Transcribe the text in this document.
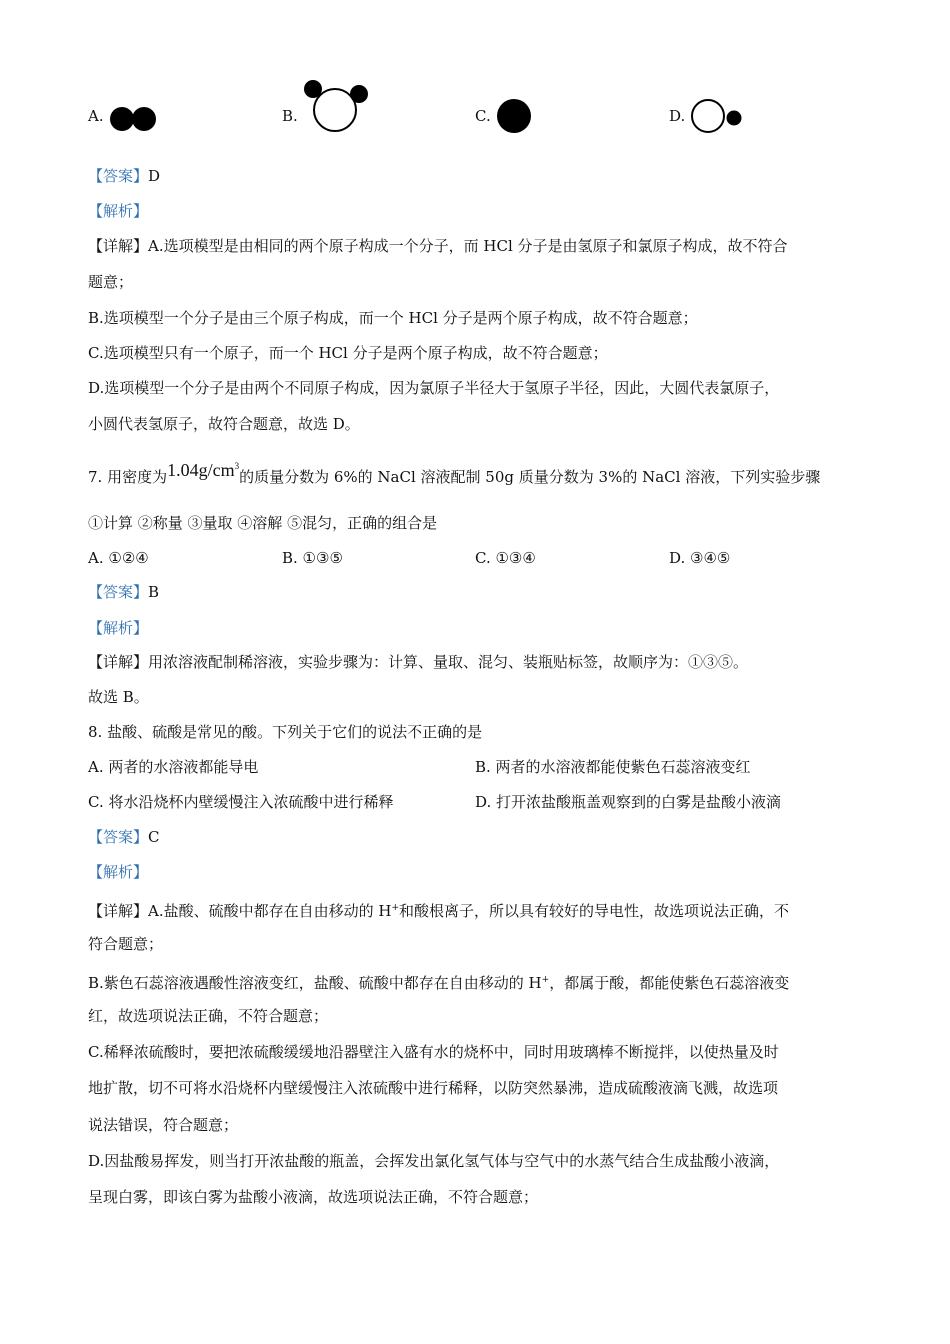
A.	B.	C.	D.
【答案】D
【解析】
【详解】A.选项模型是由相同的两个原子构成一个分子，而 HCl 分子是由氢原子和氯原子构成，故不符合
题意；
B.选项模型一个分子是由三个原子构成，而一个 HCl 分子是两个原子构成，故不符合题意；
C.选项模型只有一个原子，而一个 HCl 分子是两个原子构成，故不符合题意；
D.选项模型一个分子是由两个不同原子构成，因为氯原子半径大于氢原子半径，因此，大圆代表氯原子，
小圆代表氢原子，故符合题意，故选 D。
7. 用密度为$1.04g/cm^3$的质量分数为 6%的 NaCl 溶液配制 50g 质量分数为 3%的 NaCl 溶液，下列实验步骤
①计算 ②称量 ③量取 ④溶解 ⑤混匀，正确的组合是
A. ①②④	B. ①③⑤	C. ①③④	D. ③④⑤
【答案】B
【解析】
【详解】用浓溶液配制稀溶液，实验步骤为：计算、量取、混匀、装瓶贴标签，故顺序为：①③⑤。
故选 B。
8. 盐酸、硫酸是常见的酸。下列关于它们的说法不正确的是
A. 两者的水溶液都能导电	B. 两者的水溶液都能使紫色石蕊溶液变红
C. 将水沿烧杯内壁缓慢注入浓硫酸中进行稀释	D. 打开浓盐酸瓶盖观察到的白雾是盐酸小液滴
【答案】C
【解析】
【详解】A.盐酸、硫酸中都存在自由移动的 H+和酸根离子，所以具有较好的导电性，故选项说法正确，不
符合题意；
B.紫色石蕊溶液遇酸性溶液变红，盐酸、硫酸中都存在自由移动的 H+，都属于酸，都能使紫色石蕊溶液变
红，故选项说法正确，不符合题意；
C.稀释浓硫酸时，要把浓硫酸缓缓地沿器壁注入盛有水的烧杯中，同时用玻璃棒不断搅拌，以使热量及时
地扩散，切不可将水沿烧杯内壁缓慢注入浓硫酸中进行稀释，以防突然暴沸，造成硫酸液滴飞溅，故选项
说法错误，符合题意；
D.因盐酸易挥发，则当打开浓盐酸的瓶盖，会挥发出氯化氢气体与空气中的水蒸气结合生成盐酸小液滴，
呈现白雾，即该白雾为盐酸小液滴，故选项说法正确，不符合题意；
